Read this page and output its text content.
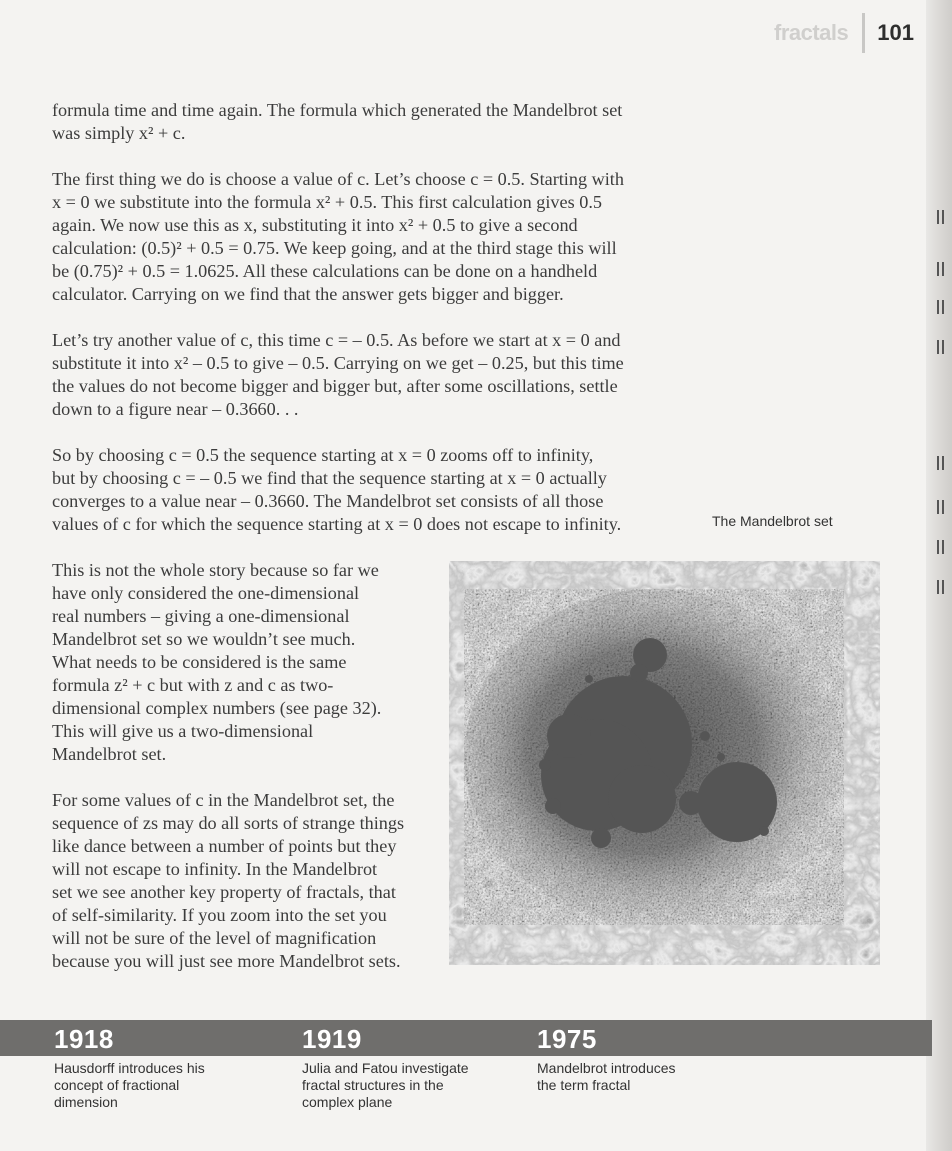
fractals 101

formula time and time again. The formula which generated the Mandelbrot set
was simply x² + c.

The first thing we do is choose a value of c. Let’s choose c = 0.5. Starting with
x = 0 we substitute into the formula x² + 0.5. This first calculation gives 0.5
again. We now use this as x, substituting it into x² + 0.5 to give a second
calculation: (0.5)² + 0.5 = 0.75. We keep going, and at the third stage this will
be (0.75)² + 0.5 = 1.0625. All these calculations can be done on a handheld
calculator. Carrying on we find that the answer gets bigger and bigger.

Let’s try another value of c, this time c = – 0.5. As before we start at x = 0 and
substitute it into x² – 0.5 to give – 0.5. Carrying on we get – 0.25, but this time
the values do not become bigger and bigger but, after some oscillations, settle
down to a figure near – 0.3660. . .

So by choosing c = 0.5 the sequence starting at x = 0 zooms off to infinity,
but by choosing c = – 0.5 we find that the sequence starting at x = 0 actually
converges to a value near – 0.3660. The Mandelbrot set consists of all those
values of c for which the sequence starting at x = 0 does not escape to infinity.	The Mandelbrot set

This is not the whole story because so far we
have only considered the one-dimensional
real numbers – giving a one-dimensional
Mandelbrot set so we wouldn’t see much.
What needs to be considered is the same
formula z² + c but with z and c as two-
dimensional complex numbers (see page 32).
This will give us a two-dimensional
Mandelbrot set.

For some values of c in the Mandelbrot set, the
sequence of zs may do all sorts of strange things
like dance between a number of points but they
will not escape to infinity. In the Mandelbrot
set we see another key property of fractals, that
of self-similarity. If you zoom into the set you
will not be sure of the level of magnification
because you will just see more Mandelbrot sets.

1918
Hausdorff introduces his
concept of fractional
dimension
1919
Julia and Fatou investigate
fractal structures in the
complex plane
1975
Mandelbrot introduces
the term fractal
